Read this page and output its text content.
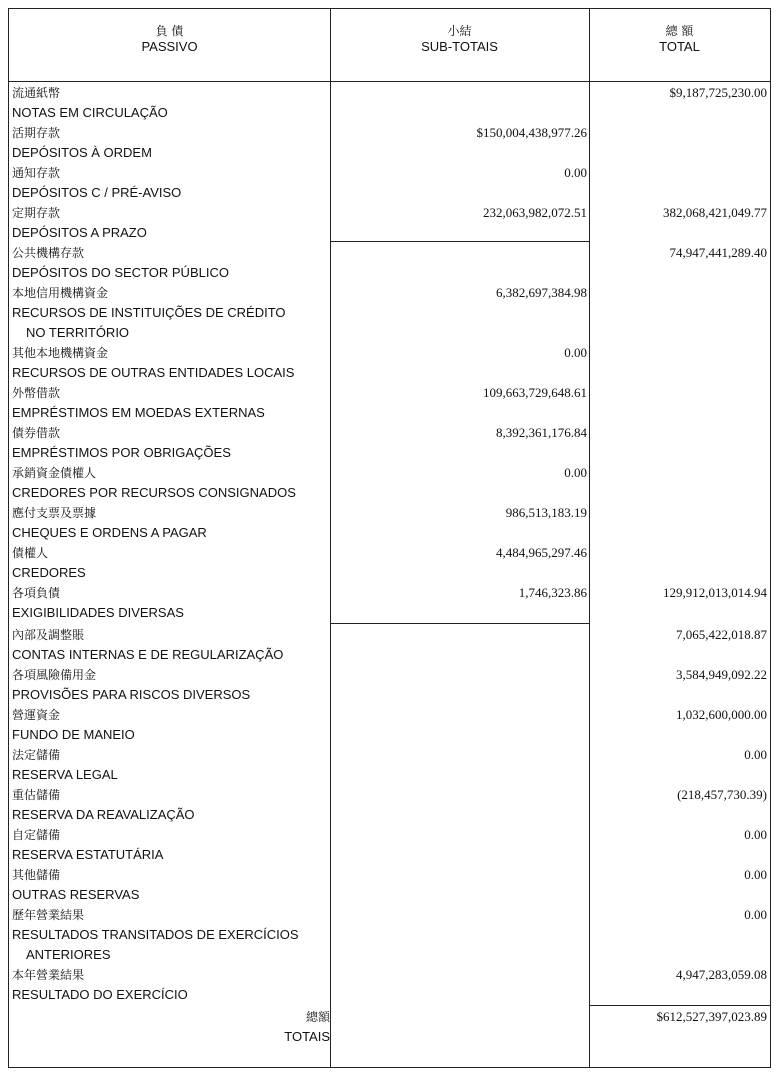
負 債
PASSIVO
小結
SUB-TOTAIS
總 額
TOTAL
流通紙幣
NOTAS EM CIRCULAÇÃO
$9,187,725,230.00
活期存款
DEPÓSITOS À ORDEM
$150,004,438,977.26
通知存款
DEPÓSITOS C / PRÉ-AVISO
0.00
定期存款
DEPÓSITOS A PRAZO
232,063,982,072.51	382,068,421,049.77
公共機構存款
DEPÓSITOS DO SECTOR PÚBLICO
74,947,441,289.40
本地信用機構資金
RECURSOS DE INSTITUIÇÕES DE CRÉDITO
NO TERRITÓRIO
6,382,697,384.98
其他本地機構資金
RECURSOS DE OUTRAS ENTIDADES LOCAIS
0.00
外幣借款
EMPRÉSTIMOS EM MOEDAS EXTERNAS
109,663,729,648.61
債券借款
EMPRÉSTIMOS POR OBRIGAÇÕES
8,392,361,176.84
承銷資金債權人
CREDORES POR RECURSOS CONSIGNADOS
0.00
應付支票及票據
CHEQUES E ORDENS A PAGAR
986,513,183.19
債權人
CREDORES
4,484,965,297.46
各項負債
EXIGIBILIDADES DIVERSAS
1,746,323.86	129,912,013,014.94
內部及調整賬
CONTAS INTERNAS E DE REGULARIZAÇÃO
7,065,422,018.87
各項風險備用金
PROVISÕES PARA RISCOS DIVERSOS
3,584,949,092.22
營運資金
FUNDO DE MANEIO
1,032,600,000.00
法定儲備
RESERVA LEGAL
0.00
重估儲備
RESERVA DA REAVALIZAÇÃO
(218,457,730.39)
自定儲備
RESERVA ESTATUTÁRIA
0.00
其他儲備
OUTRAS RESERVAS
0.00
歷年營業結果
RESULTADOS TRANSITADOS DE EXERCÍCIOS
ANTERIORES
0.00
本年營業結果
RESULTADO DO EXERCÍCIO
4,947,283,059.08
總額
TOTAIS
$612,527,397,023.89
